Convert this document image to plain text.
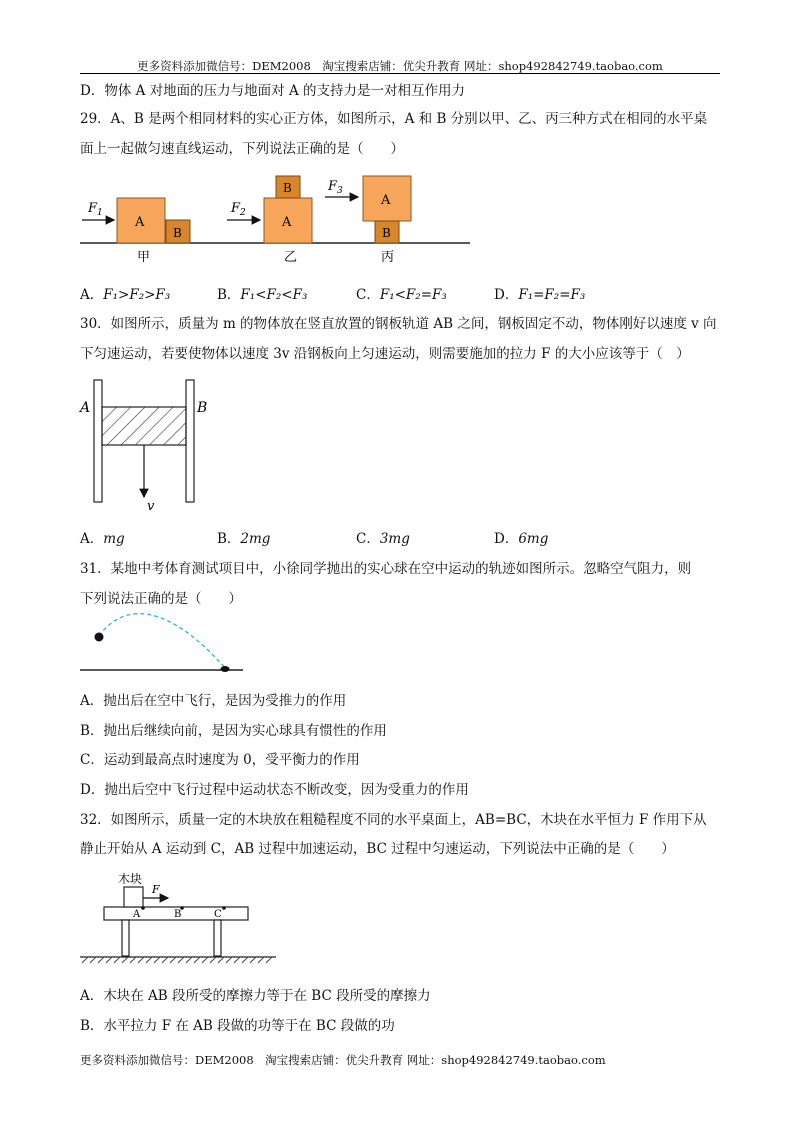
更多资料添加微信号：DEM2008　淘宝搜索店铺：优尖升教育 网址：shop492842749.taobao.com
D．物体 A 对地面的压力与地面对 A 的支持力是一对相互作用力
29．A、B 是两个相同材料的实心正方体，如图所示，A 和 B 分别以甲、乙、丙三种方式在相同的水平桌
面上一起做匀速直线运动，下列说法正确的是（　　）
$F_1$
A
B
甲
$F_2$
A
B
乙
$F_3$
A
B
丙
A	B
v
木块
F
A	B	C
A．F₁>F₂>F₃	B．F₁<F₂<F₃	C．F₁<F₂=F₃	D．F₁=F₂=F₃
30．如图所示，质量为 m 的物体放在竖直放置的钢板轨道 AB 之间，钢板固定不动，物体刚好以速度 v 向
下匀速运动，若要使物体以速度 3v 沿钢板向上匀速运动，则需要施加的拉力 F 的大小应该等于（　）
A．mg	B．2mg	C．3mg	D．6mg
31．某地中考体育测试项目中，小徐同学抛出的实心球在空中运动的轨迹如图所示。忽略空气阻力，则
下列说法正确的是（　　）
A．抛出后在空中飞行，是因为受推力的作用
B．抛出后继续向前，是因为实心球具有惯性的作用
C．运动到最高点时速度为 0，受平衡力的作用
D．抛出后空中飞行过程中运动状态不断改变，因为受重力的作用
32．如图所示，质量一定的木块放在粗糙程度不同的水平桌面上，AB=BC，木块在水平恒力 F 作用下从
静止开始从 A 运动到 C，AB 过程中加速运动，BC 过程中匀速运动，下列说法中正确的是（　　）
A．木块在 AB 段所受的摩擦力等于在 BC 段所受的摩擦力
B．水平拉力 F 在 AB 段做的功等于在 BC 段做的功
更多资料添加微信号：DEM2008　淘宝搜索店铺：优尖升教育 网址：shop492842749.taobao.com
